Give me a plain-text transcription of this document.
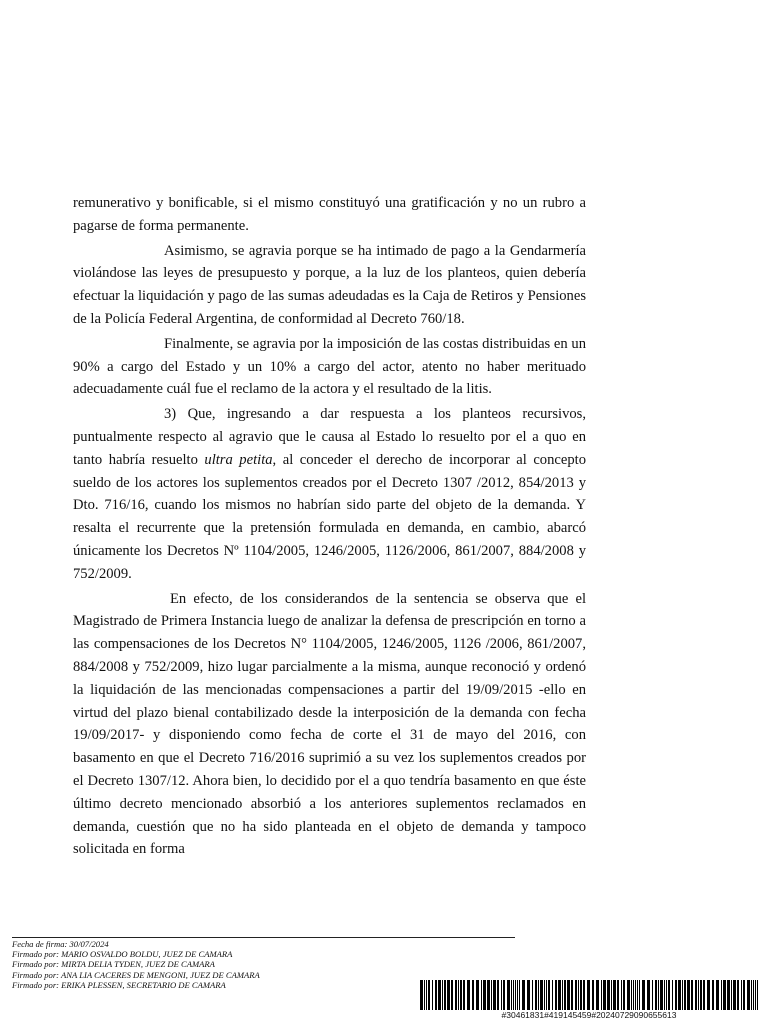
remunerativo y bonificable, si el mismo constituyó una gratificación y no un rubro a pagarse de forma permanente.

Asimismo, se agravia porque se ha intimado de pago a la Gendarmería violándose las leyes de presupuesto y porque, a la luz de los planteos, quien debería efectuar la liquidación y pago de las sumas adeudadas es la Caja de Retiros y Pensiones de la Policía Federal Argentina, de conformidad al Decreto 760/18.

Finalmente, se agravia por la imposición de las costas distribuidas en un 90% a cargo del Estado y un 10% a cargo del actor, atento no haber merituado adecuadamente cuál fue el reclamo de la actora y el resultado de la litis.

3) Que, ingresando a dar respuesta a los planteos recursivos, puntualmente respecto al agravio que le causa al Estado lo resuelto por el a quo en tanto habría resuelto ultra petita, al conceder el derecho de incorporar al concepto sueldo de los actores los suplementos creados por el Decreto 1307 /2012, 854/2013 y Dto. 716/16, cuando los mismos no habrían sido parte del objeto de la demanda. Y resalta el recurrente que la pretensión formulada en demanda, en cambio, abarcó únicamente los Decretos Nº 1104/2005, 1246/2005, 1126/2006, 861/2007, 884/2008 y 752/2009.

En efecto, de los considerandos de la sentencia se observa que el Magistrado de Primera Instancia luego de analizar la defensa de prescripción en torno a las compensaciones de los Decretos N° 1104/2005, 1246/2005, 1126 /2006, 861/2007, 884/2008 y 752/2009, hizo lugar parcialmente a la misma, aunque reconoció y ordenó la liquidación de las mencionadas compensaciones a partir del 19/09/2015 -ello en virtud del plazo bienal contabilizado desde la interposición de la demanda con fecha 19/09/2017- y disponiendo como fecha de corte el 31 de mayo del 2016, con basamento en que el Decreto 716/2016 suprimió a su vez los suplementos creados por el Decreto 1307/12. Ahora bien, lo decidido por el a quo tendría basamento en que éste último decreto mencionado absorbió a los anteriores suplementos reclamados en demanda, cuestión que no ha sido planteada en el objeto de demanda y tampoco solicitada en forma

Fecha de firma: 30/07/2024
Firmado por: MARIO OSVALDO BOLDU, JUEZ DE CAMARA
Firmado por: MIRTA DELIA TYDEN, JUEZ DE CAMARA
Firmado por: ANA LIA CACERES DE MENGONI, JUEZ DE CAMARA
Firmado por: ERIKA PLESSEN, SECRETARIO DE CAMARA
#30461831#419145459#20240729090655613
